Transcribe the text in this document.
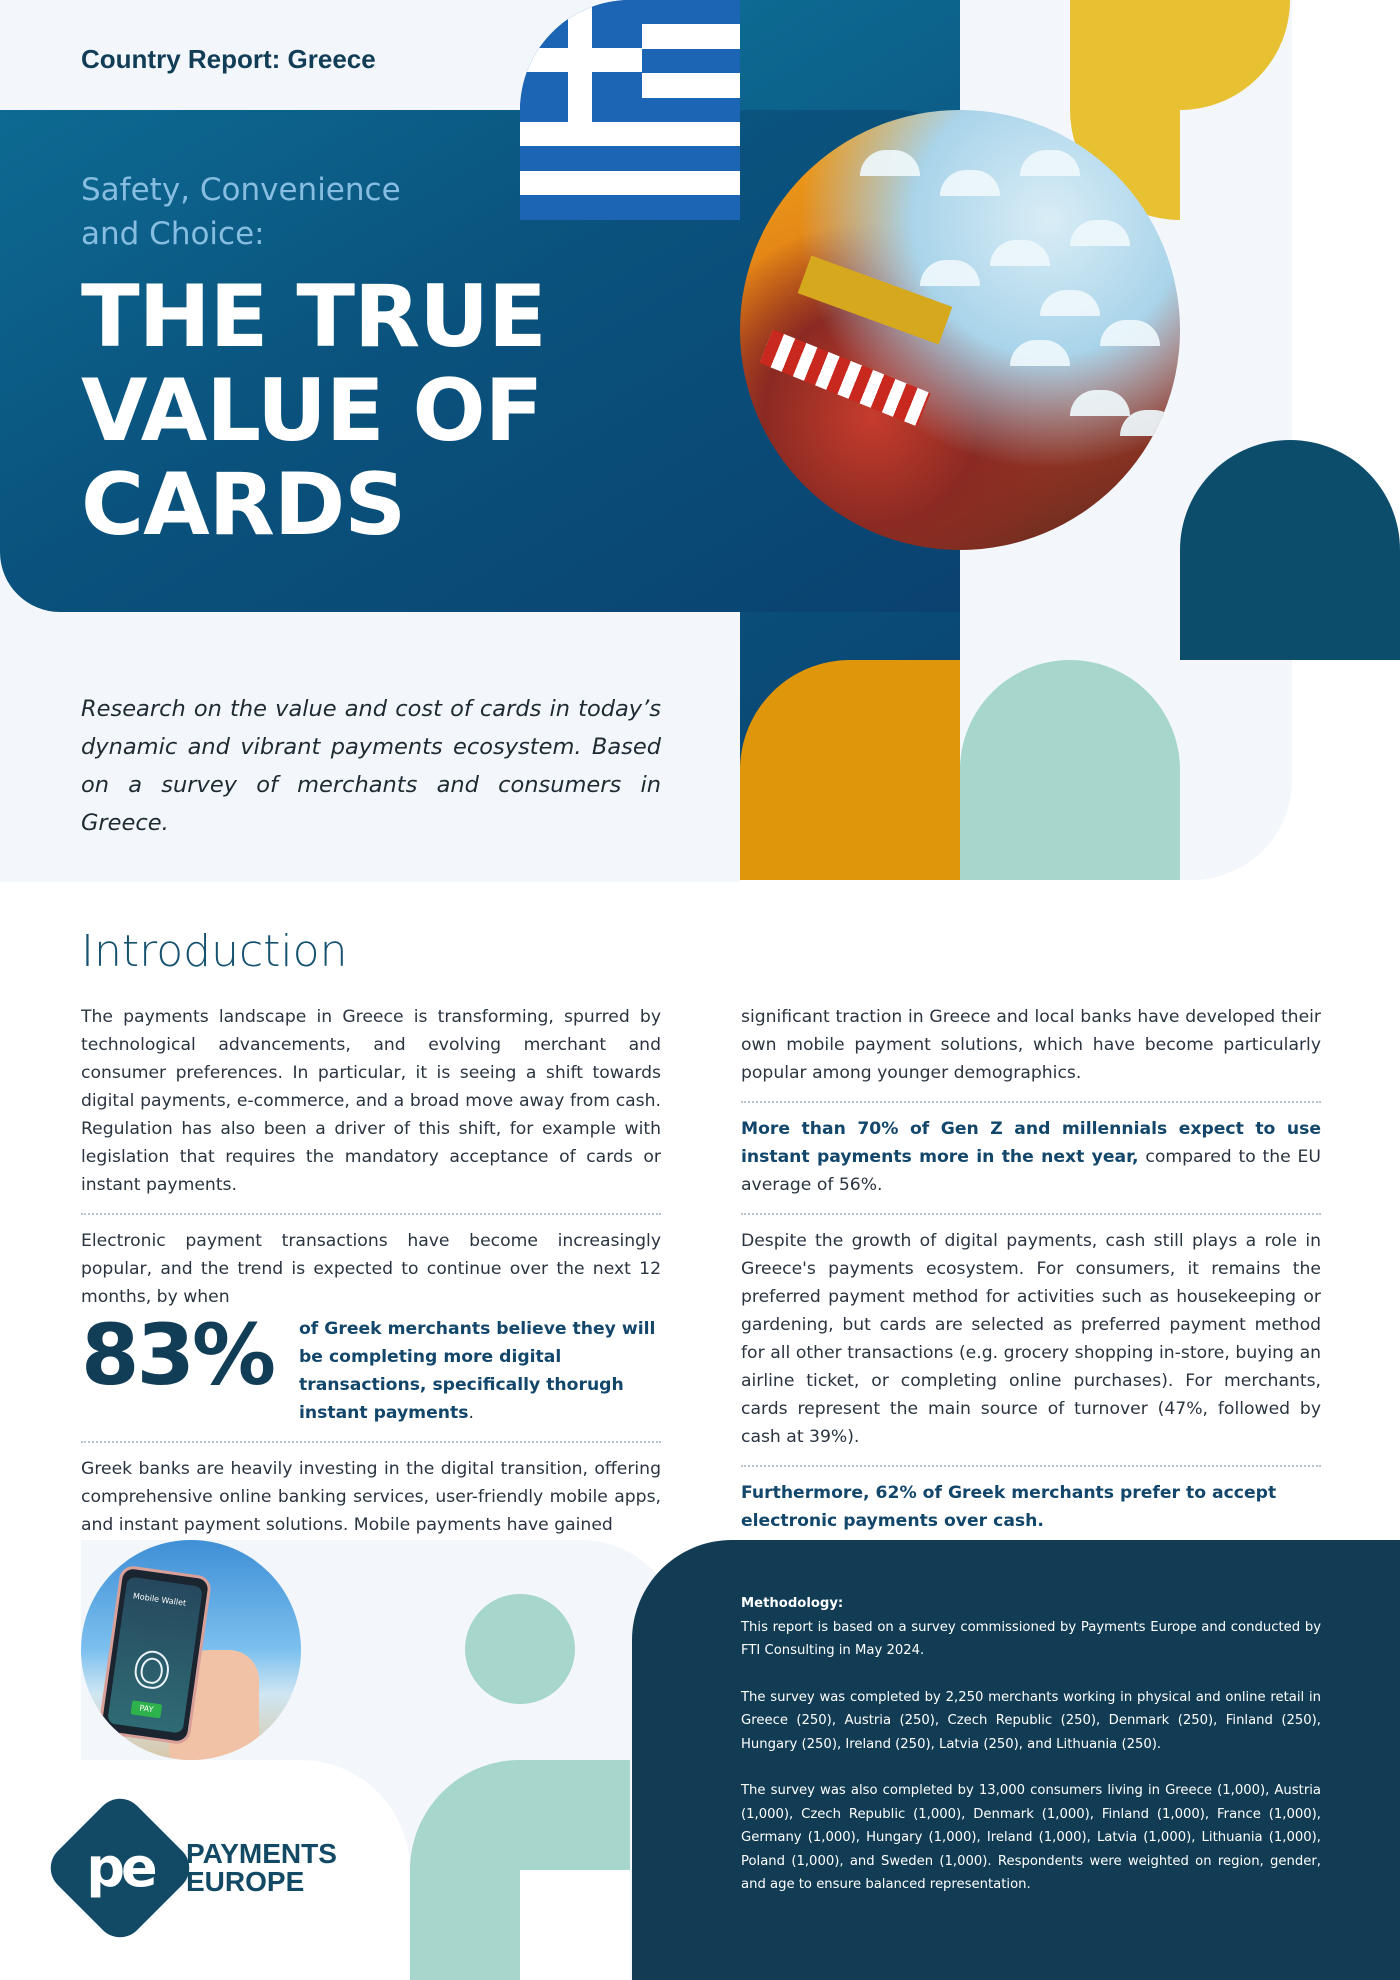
Country Report: Greece
Safety, Convenience and Choice:
THE TRUE
VALUE OF
CARDS
Research on the value and cost of cards in today’s dynamic and vibrant payments ecosystem. Based on a survey of merchants and consumers in Greece.
Introduction

The payments landscape in Greece is transforming, spurred by technological advancements, and evolving merchant and consumer preferences. In particular, it is seeing a shift towards digital payments, e-commerce, and a broad move away from cash. Regulation has also been a driver of this shift, for example with legislation that requires the mandatory acceptance of cards or instant payments.

Electronic payment transactions have become increasingly popular, and the trend is expected to continue over the next 12 months, by when

83%	of Greek merchants believe they will be completing more digital transactions, specifically thorugh instant payments.

Greek banks are heavily investing in the digital transition, offering comprehensive online banking services, user-friendly mobile apps, and instant payment solutions. Mobile payments have gained

significant traction in Greece and local banks have developed their own mobile payment solutions, which have become particularly popular among younger demographics.

More than 70% of Gen Z and millennials expect to use instant payments more in the next year, compared to the EU average of 56%.

Despite the growth of digital payments, cash still plays a role in Greece's payments ecosystem. For consumers, it remains the preferred payment method for activities such as housekeeping or gardening, but cards are selected as preferred payment method for all other transactions (e.g. grocery shopping in-store, buying an airline ticket, or completing online purchases). For merchants, cards represent the main source of turnover (47%, followed by cash at 39%).

Furthermore, 62% of Greek merchants prefer to accept electronic payments over cash.

Mobile Wallet
PAY
pe	PAYMENTS
EUROPE
Methodology:

This report is based on a survey commissioned by Payments Europe and conducted by FTI Consulting in May 2024.

The survey was completed by 2,250 merchants working in physical and online retail in Greece (250), Austria (250), Czech Republic (250), Denmark (250), Finland (250), Hungary (250), Ireland (250), Latvia (250), and Lithuania (250).

The survey was also completed by 13,000 consumers living in Greece (1,000), Austria (1,000), Czech Republic (1,000), Denmark (1,000), Finland (1,000), France (1,000), Germany (1,000), Hungary (1,000), Ireland (1,000), Latvia (1,000), Lithuania (1,000), Poland (1,000), and Sweden (1,000). Respondents were weighted on region, gender, and age to ensure balanced representation.
